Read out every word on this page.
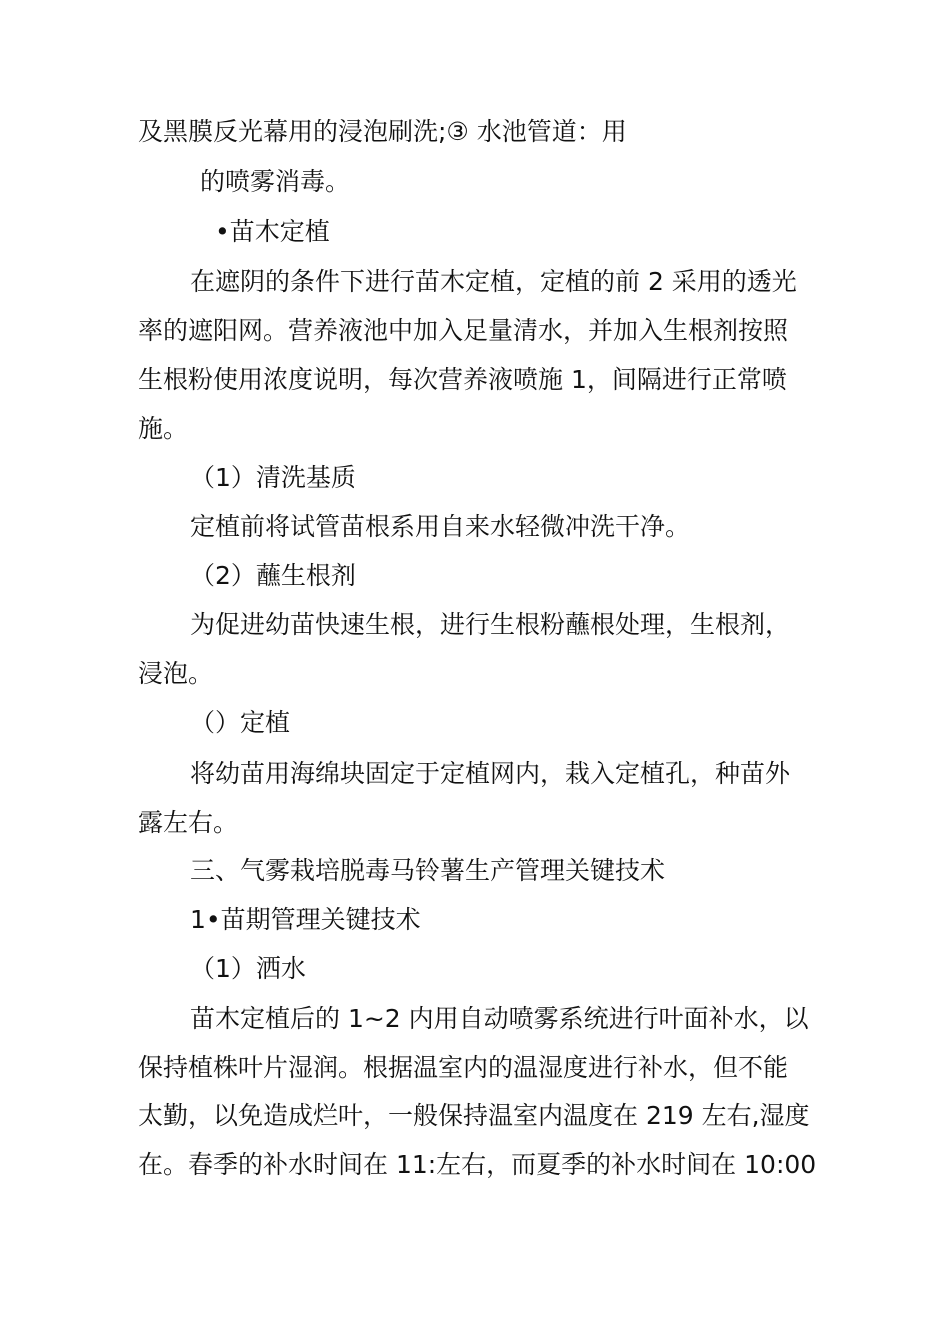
及黑膜反光幕用的浸泡刷洗;③ 水池管道：用
的喷雾消毒。
•苗木定植
在遮阴的条件下进行苗木定植，定植的前 2 采用的透光
率的遮阳网。营养液池中加入足量清水，并加入生根剂按照
生根粉使用浓度说明，每次营养液喷施 1，间隔进行正常喷
施。
（1）清洗基质
定植前将试管苗根系用自来水轻微冲洗干净。
（2）蘸生根剂
为促进幼苗快速生根，进行生根粉蘸根处理，生根剂，
浸泡。
（）定植
将幼苗用海绵块固定于定植网内，栽入定植孔，种苗外
露左右。
三、气雾栽培脱毒马铃薯生产管理关键技术
1•苗期管理关键技术
（1）洒水
苗木定植后的 1~2 内用自动喷雾系统进行叶面补水，以
保持植株叶片湿润。根据温室内的温湿度进行补水，但不能
太勤，以免造成烂叶，一般保持温室内温度在 219 左右,湿度
在。春季的补水时间在 11:左右，而夏季的补水时间在 10:00
